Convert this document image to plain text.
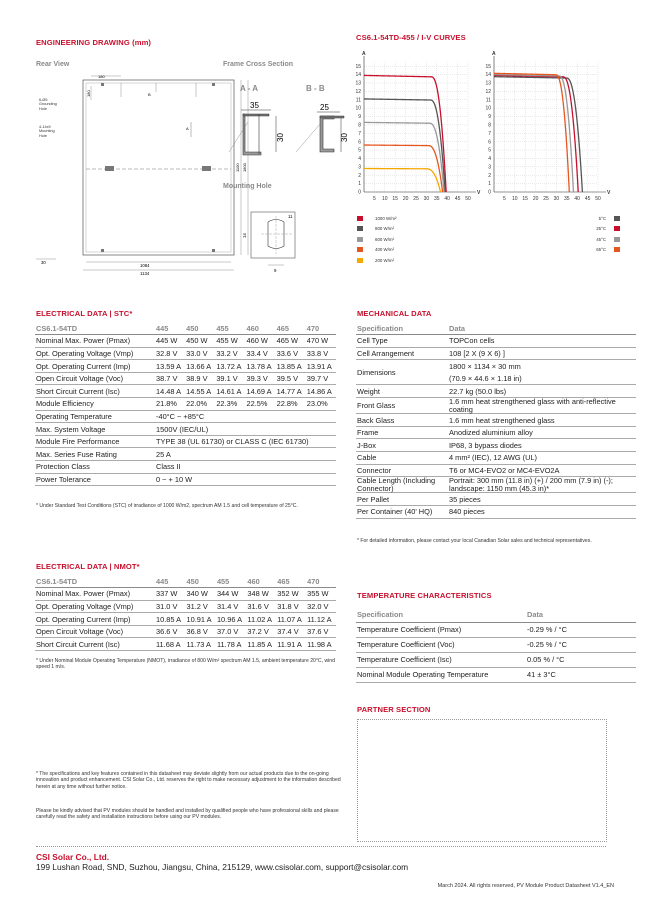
ENGINEERING DRAWING (mm)
Rear View	Frame Cross Section
A - A	B - B
Mounting Hole
6-Ø5
Grounding
Hole
4-14x9
Mounting
Hole
A
B
1100 1800
180
180
1084
1134
30
35
30
25
30
14
9
11
CS6.1-54TD-455 / I-V CURVES
0
1
2
3
4
5
6
7
8
9
10
11
12
13
14
15
5 10 15 20 25 30 35 40 45 50
A
V 0
1
2
3
4
5
6
7
8
9
10
11
12
13
14
15
5 10 15 20 25 30 35 40 45 50
A
V
1000 W/m²
800 W/m²
600 W/m²
400 W/m²
200 W/m²
5°C
25°C
45°C
65°C
ELECTRICAL DATA | STC*
CS6.1-54TD	445	450	455	460	465	470
Nominal Max. Power (Pmax)	445 W	450 W	455 W	460 W	465 W	470 W
Opt. Operating Voltage (Vmp)	32.8 V	33.0 V	33.2 V	33.4 V	33.6 V	33.8 V
Opt. Operating Current (Imp)	13.59 A	13.66 A	13.72 A	13.78 A	13.85 A	13.91 A
Open Circuit Voltage (Voc)	38.7 V	38.9 V	39.1 V	39.3 V	39.5 V	39.7 V
Short Circuit Current (Isc)	14.48 A	14.55 A	14.61 A	14.69 A	14.77 A	14.86 A
Module Efficiency	21.8%	22.0%	22.3%	22.5%	22.8%	23.0%
Operating Temperature	-40°C ~ +85°C					
Max. System Voltage	1500V (IEC/UL)					
Module Fire Performance	TYPE 38 (UL 61730) or CLASS C (IEC 61730)					
Max. Series Fuse Rating	25 A					
Protection Class	Class II					
Power Tolerance	0 ~ + 10 W					
* Under Standard Test Conditions (STC) of irradiance of 1000 W/m2, spectrum AM 1.5 and cell temperature of 25°C.
ELECTRICAL DATA | NMOT*
CS6.1-54TD	445	450	455	460	465	470
Nominal Max. Power (Pmax)	337 W	340 W	344 W	348 W	352 W	355 W
Opt. Operating Voltage (Vmp)	31.0 V	31.2 V	31.4 V	31.6 V	31.8 V	32.0 V
Opt. Operating Current (Imp)	10.85 A	10.91 A	10.96 A	11.02 A	11.07 A	11.12 A
Open Circuit Voltage (Voc)	36.6 V	36.8 V	37.0 V	37.2 V	37.4 V	37.6 V
Short Circuit Current (Isc)	11.68 A	11.73 A	11.78 A	11.85 A	11.91 A	11.98 A
* Under Nominal Module Operating Temperature (NMOT), irradiance of 800 W/m² spectrum AM 1.5, ambient temperature 20°C, wind speed 1 m/s.
MECHANICAL DATA
Specification	Data
Cell Type	TOPCon cells
Cell Arrangement	108 [2 X (9 X 6) ]
Dimensions	1800 × 1134 × 30 mm
	(70.9 × 44.6 × 1.18 in)
Weight	22.7 kg (50.0 lbs)
Front Glass	1.6 mm heat strengthened glass with anti-reflective coating
Back Glass	1.6 mm heat strengthened glass
Frame	Anodized aluminium alloy
J-Box	IP68, 3 bypass diodes
Cable	4 mm² (IEC), 12 AWG (UL)
Connector	T6 or MC4-EVO2 or MC4-EVO2A
Cable Length (Including Connector)	Portrait: 300 mm (11.8 in) (+) / 200 mm (7.9 in) (-); landscape: 1150 mm (45.3 in)*
Per Pallet	35 pieces
Per Container (40' HQ)	840 pieces
* For detailed information, please contact your local Canadian Solar sales and technical representatives.
TEMPERATURE CHARACTERISTICS
Specification	Data
Temperature Coefficient (Pmax)	-0.29 % / °C
Temperature Coefficient (Voc)	-0.25 % / °C
Temperature Coefficient (Isc)	0.05 % / °C
Nominal Module Operating Temperature	41 ± 3°C
PARTNER SECTION
* The specifications and key features contained in this datasheet may deviate slightly from our actual products due to the on-going innovation and product enhancement. CSI Solar Co., Ltd. reserves the right to make necessary adjustment to the information described herein at any time without further notice.
Please be kindly advised that PV modules should be handled and installed by qualified people who have professional skills and please carefully read the safety and installation instructions before using our PV modules.
CSI Solar Co., Ltd.
199 Lushan Road, SND, Suzhou, Jiangsu, China, 215129, www.csisolar.com, support@csisolar.com
March 2024. All rights reserved, PV Module Product Datasheet V1.4_EN
